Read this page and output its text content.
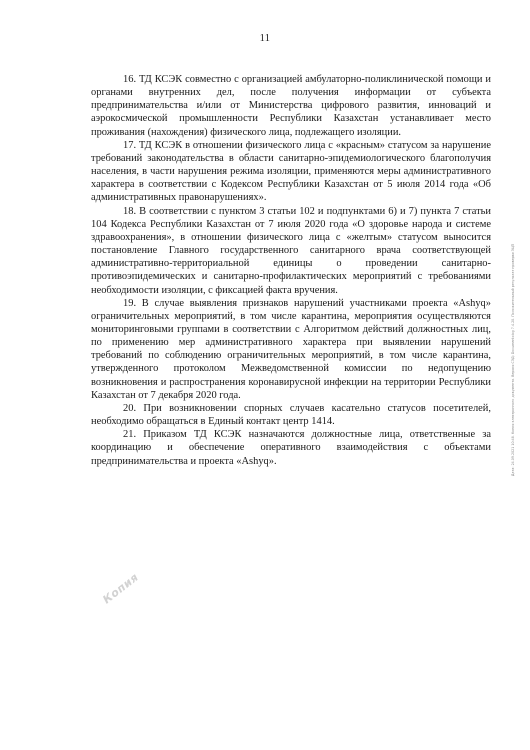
11

16. ТД КСЭК совместно с организацией амбулаторно-поликлинической помощи и органами внутренних дел, после получения информации от субъекта предпринимательства и/или от Министерства цифрового развития, инноваций и аэрокосмической промышленности Республики Казахстан устанавливает место проживания (нахождения) физического лица, подлежащего изоляции.

17. ТД КСЭК в отношении физического лица с «красным» статусом за нарушение требований законодательства в области санитарно-эпидемиологического благополучия населения, в части нарушения режима изоляции, применяются меры административного характера в соответствии с Кодексом Республики Казахстан от 5 июля 2014 года «Об административных правонарушениях».

18. В соответствии с пунктом 3 статьи 102 и подпунктами 6) и 7) пункта 7 статьи 104 Кодекса Республики Казахстан от 7 июля 2020 года «О здоровье народа и системе здравоохранения», в отношении физического лица с «желтым» статусом выносится постановление Главного государственного санитарного врача соответствующей административно-территориальной единицы о проведении санитарно-противоэпидемических и санитарно-профилактических мероприятий с требованиями необходимости изоляции, с фиксацией факта вручения.

19. В случае выявления признаков нарушений участниками проекта «Ashyq» ограничительных мероприятий, в том числе карантина, мероприятия осуществляются мониторинговыми группами в соответствии с Алгоритмом действий должностных лиц, по применению мер административного характера при выявлении нарушений требований по соблюдению ограничительных мероприятий, в том числе карантина, утвержденного протоколом Межведомственной комиссии по недопущению возникновения и распространения коронавирусной инфекции на территории Республики Казахстан от 7 декабря 2020 года.

20. При возникновении спорных случаев касательно статусов посетителей, необходимо обращаться в Единый контакт центр 1414.

21. Приказом ТД КСЭК назначаются должностные лица, ответственные за координацию и обеспечение оперативного взаимодействия с объектами предпринимательства и проекта «Ashyq».	Дата: 24.09.2021 10:48. Копия электронного документа. Версия СЭД: Documentolog 7.4.20. Положительный результат проверки ЭЦП
Копия
